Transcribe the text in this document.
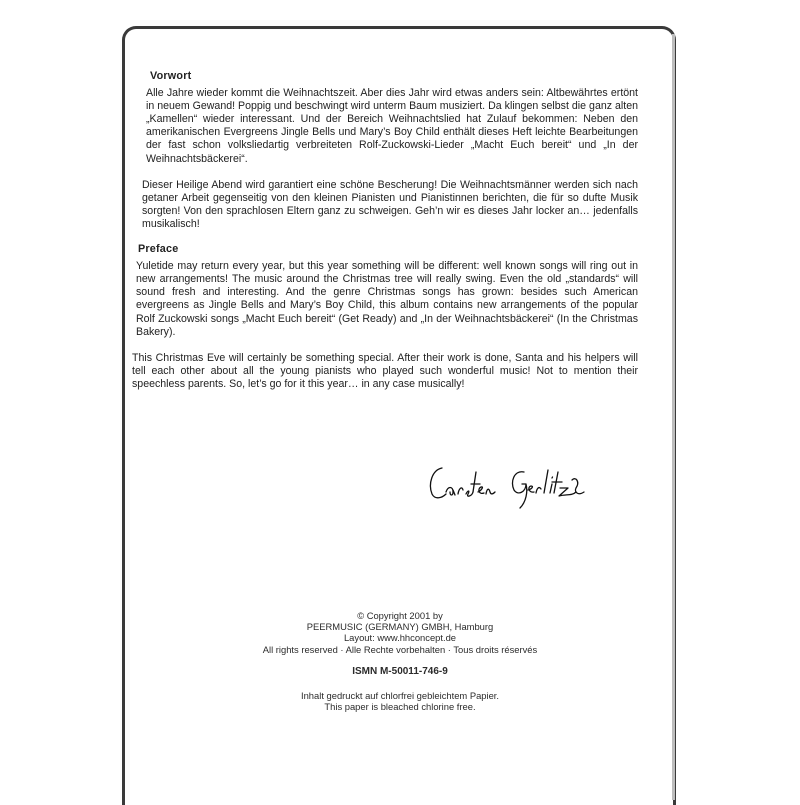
Vorwort

Alle Jahre wieder kommt die Weihnachtszeit. Aber dies Jahr wird etwas anders sein: Altbewährtes ertönt in neuem Gewand! Poppig und beschwingt wird unterm Baum musiziert. Da klingen selbst die ganz alten „Kamellen“ wieder interessant. Und der Bereich Weihnachtslied hat Zulauf bekommen: Neben den amerikanischen Evergreens Jingle Bells und Mary’s Boy Child enthält dieses Heft leichte Bearbeitungen der fast schon volksliedartig verbreiteten Rolf-Zuckowski-Lieder „Macht Euch bereit“ und „In der Weihnachtsbäckerei“.

Dieser Heilige Abend wird garantiert eine schöne Bescherung! Die Weihnachtsmänner werden sich nach getaner Arbeit gegenseitig von den kleinen Pianisten und Pianistinnen berichten, die für so dufte Musik sorgten! Von den sprachlosen Eltern ganz zu schweigen. Geh’n wir es dieses Jahr locker an… jedenfalls musikalisch!

Preface

Yuletide may return every year, but this year something will be different: well known songs will ring out in new arrangements! The music around the Christmas tree will really swing. Even the old „standards“ will sound fresh and interesting. And the genre Christmas songs has grown: besides such American evergreens as Jingle Bells and Mary’s Boy Child, this album contains new arrangements of the popular Rolf Zuckowski songs „Macht Euch bereit“ (Get Ready) and „In der Weihnachtsbäckerei“ (In the Christmas Bakery).

This Christmas Eve will certainly be something special. After their work is done, Santa and his helpers will tell each other about all the young pianists who played such wonderful music! Not to mention their speechless parents. So, let’s go for it this year… in any case musically!

© Copyright 2001 by
PEERMUSIC (GERMANY) GMBH, Hamburg
Layout: www.hhconcept.de
All rights reserved · Alle Rechte vorbehalten · Tous droits réservés
ISMN M-50011-746-9
Inhalt gedruckt auf chlorfrei gebleichtem Papier.
This paper is bleached chlorine free.
